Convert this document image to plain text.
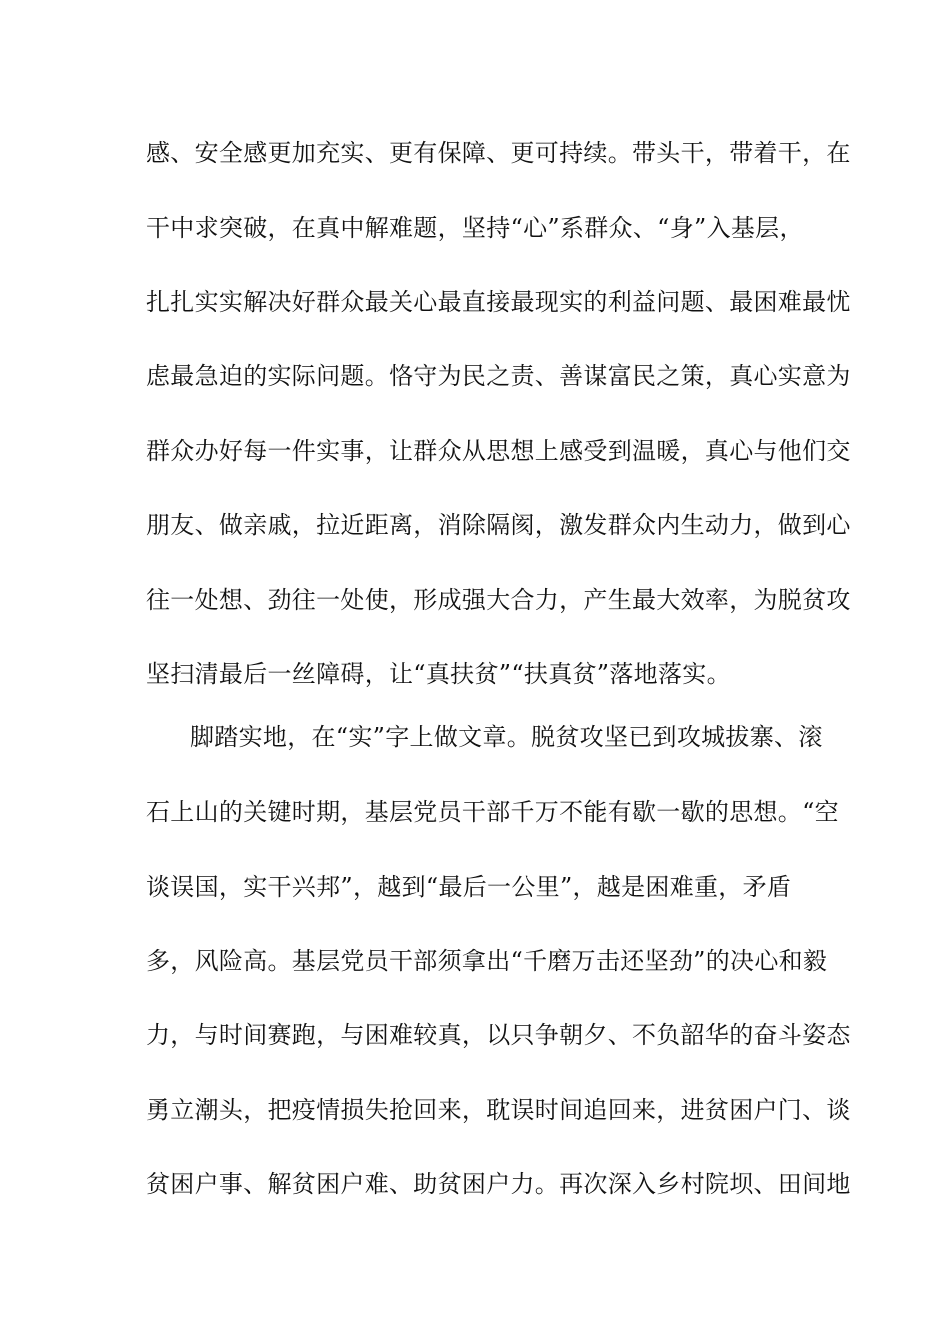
感、安全感更加充实、更有保障、更可持续。带头干，带着干，在
干中求突破，在真中解难题，坚持“心”系群众、“身”入基层，
扎扎实实解决好群众最关心最直接最现实的利益问题、最困难最忧
虑最急迫的实际问题。恪守为民之责、善谋富民之策，真心实意为
群众办好每一件实事，让群众从思想上感受到温暖，真心与他们交
朋友、做亲戚，拉近距离，消除隔阂，激发群众内生动力，做到心
往一处想、劲往一处使，形成强大合力，产生最大效率，为脱贫攻
坚扫清最后一丝障碍，让“真扶贫”“扶真贫”落地落实。
脚踏实地，在“实”字上做文章。脱贫攻坚已到攻城拔寨、滚
石上山的关键时期，基层党员干部千万不能有歇一歇的思想。“空
谈误国，实干兴邦”，越到“最后一公里”，越是困难重，矛盾
多，风险高。基层党员干部须拿出“千磨万击还坚劲”的决心和毅
力，与时间赛跑，与困难较真，以只争朝夕、不负韶华的奋斗姿态
勇立潮头，把疫情损失抢回来，耽误时间追回来，进贫困户门、谈
贫困户事、解贫困户难、助贫困户力。再次深入乡村院坝、田间地
